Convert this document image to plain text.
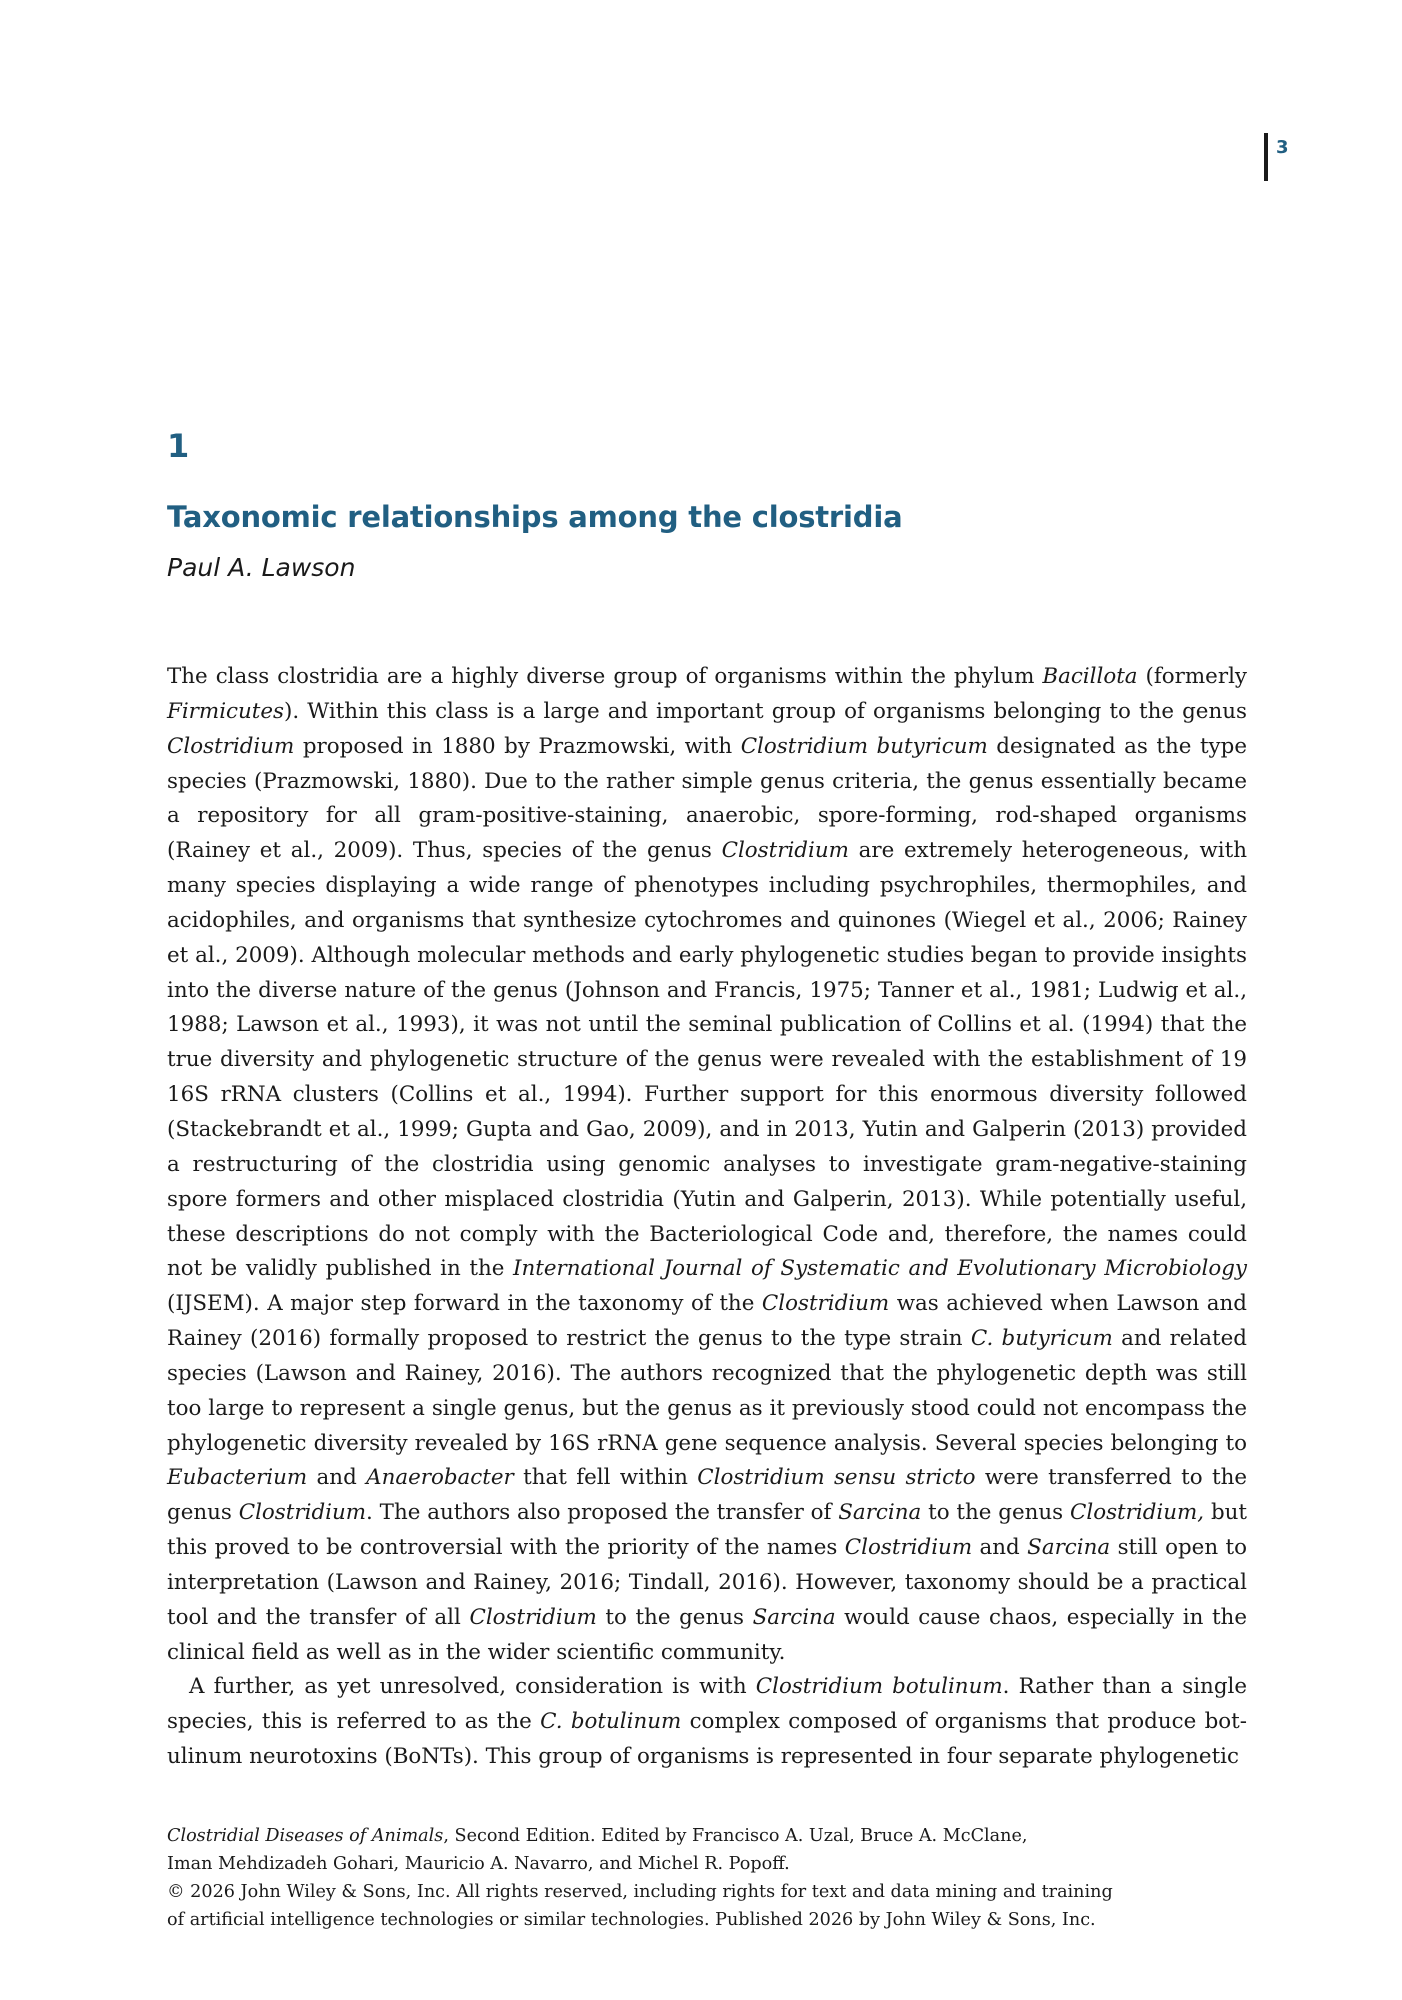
3
1
Taxonomic relationships among the clostridia
Paul A. Lawson

The class clostridia are a highly diverse group of organisms within the phylum Bacillota (formerly Firmicutes). Within this class is a large and important group of organisms belonging to the genus Clostridium proposed in 1880 by Prazmowski, with Clostridium butyricum designated as the type species (Prazmowski, 1880). Due to the rather simple genus criteria, the genus essentially became a repository for all gram-positive-staining, anaerobic, spore-forming, rod-shaped organisms (Rainey et al., 2009). Thus, species of the genus Clostridium are extremely heterogeneous, with many species displaying a wide range of phenotypes including psychrophiles, thermophiles, and acidophiles, and organisms that synthesize cytochromes and quinones (Wiegel et al., 2006; Rainey et al., 2009). Although molecular methods and early phylogenetic studies began to provide insights into the diverse nature of the genus (Johnson and Francis, 1975; Tanner et al., 1981; Ludwig et al., 1988; Lawson et al., 1993), it was not until the seminal publication of Collins et al. (1994) that the true diversity and phylogenetic structure of the genus were revealed with the establishment of 19 16S rRNA clusters (Collins et al., 1994). Further support for this enormous diversity followed (Stackebrandt et al., 1999; Gupta and Gao, 2009), and in 2013, Yutin and Galperin (2013) provided a restructuring of the clostridia using genomic analyses to investigate gram-negative-staining spore formers and other misplaced clostridia (Yutin and Galperin, 2013). While potentially useful, these descriptions do not comply with the Bacteriological Code and, therefore, the names could not be validly published in the International Journal of Systematic and Evolutionary Microbiology (IJSEM). A major step forward in the taxonomy of the Clostridium was achieved when Lawson and Rainey (2016) formally proposed to restrict the genus to the type strain C. butyricum and related species (Lawson and Rainey, 2016). The authors recognized that the phylogenetic depth was still too large to represent a single genus, but the genus as it previously stood could not encompass the phylogenetic diversity revealed by 16S rRNA gene sequence analysis. Several species belonging to Eubacterium and Anaerobacter that fell within Clostridium sensu stricto were transferred to the genus Clostridium. The authors also proposed the transfer of Sarcina to the genus Clostridium, but this proved to be controversial with the priority of the names Clostridium and Sarcina still open to interpretation (Lawson and Rainey, 2016; Tindall, 2016). However, taxonomy should be a practical tool and the transfer of all Clostridium to the genus Sarcina would cause chaos, especially in the clinical field as well as in the wider scientific community.

A further, as yet unresolved, consideration is with Clostridium botulinum. Rather than a single species, this is referred to as the C. botulinum complex composed of organisms that produce botulinum neurotoxins (BoNTs). This group of organisms is represented in four separate phylogenetic

Clostridial Diseases of Animals, Second Edition. Edited by Francisco A. Uzal, Bruce A. McClane,
Iman Mehdizadeh Gohari, Mauricio A. Navarro, and Michel R. Popoff.
© 2026 John Wiley & Sons, Inc. All rights reserved, including rights for text and data mining and training
of artificial intelligence technologies or similar technologies. Published 2026 by John Wiley & Sons, Inc.
